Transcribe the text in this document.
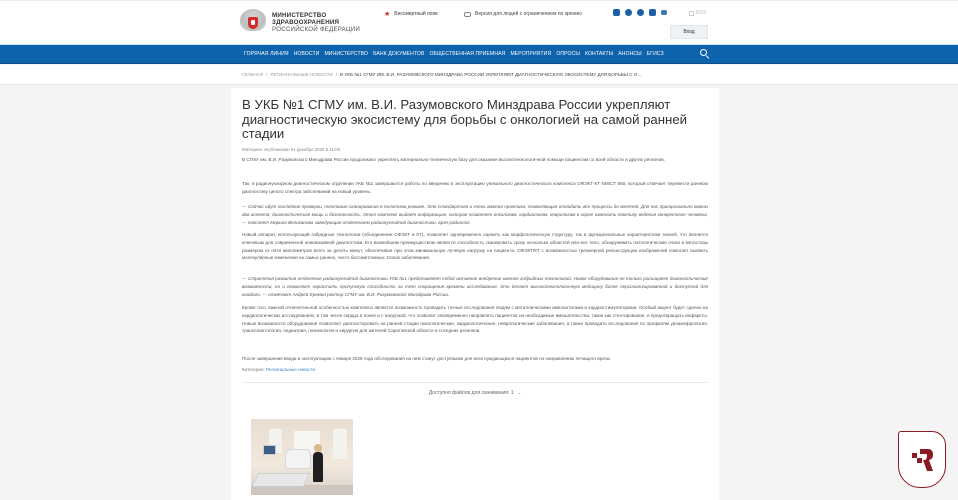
МИНИСТЕРСТВО
ЗДРАВООХРАНЕНИЯ
РОССИЙСКОЙ ФЕДЕРАЦИИ
★ Бессмертный полк	Версия для людей с ограничением по зрению	RSS
Вход
ГОРЯЧАЯ ЛИНИЯ НОВОСТИ МИНИСТЕРСТВО БАНК ДОКУМЕНТОВ ОБЩЕСТВЕННАЯ ПРИЕМНАЯ МЕРОПРИЯТИЯ ОПРОСЫ КОНТАКТЫ АНОНСЫ ЕГИСЗ
ГЛАВНАЯ / РЕГИОНАЛЬНЫЕ НОВОСТИ / В УКБ №1 СГМУ ИМ. В.И. РАЗУМОВСКОГО МИНЗДРАВА РОССИИ УКРЕПЛЯЮТ ДИАГНОСТИЧЕСКУЮ ЭКОСИСТЕМУ ДЛЯ БОРЬБЫ С О...
В УКБ №1 СГМУ им. В.И. Разумовского Минздрава России укрепляют диагностическую экосистему для борьбы с онкологией на самой ранней стадии
Материал опубликован 01 декабря 2025 в 11:00.

В СГМУ им. В.И. Разумовского Минздрава России продолжают укреплять материально-техническую базу для оказания высокотехнологичной помощи пациентам со всей области и других регионов.

Так, в радионуклидном диагностическом отделении УКБ №1 завершаются работы по введению в эксплуатацию уникального диагностического комплекса ОФЭКТ-КТ NM/CT 860, который отвечает перевести раннюю диагностику целого спектра заболеваний на новый уровень.

— Сейчас идут последние проверки, тестовые сканирования в пилотном режиме. Это стандартная и очень важная практика, позволяющая отладить все процессы до мелочей. Для нас принципиально важны два аспекта: диагностическая мощь и безопасность. Этот комплекс выдает информацию, которая позволяет онкологам, кардиологам, неврологам в корне изменить тактику ведения конкретного человека, — поясняет Марина Великанова заведующая отделением радионуклидной диагностики, врач-радиолог.

Новый аппарат, использующий гибридные технологии (объединение ОФЭКТ и КТ), позволяет одновременно оценить как морфологическую структуру, так и функциональные характеристики тканей, что является ключевым для современной неинвазивной диагностики. Его важнейшим преимуществом является способность сканировать сразу несколько областей или все тело, обнаруживать патологические очаги и метастазы размером от пяти миллиметров всего за десять минут, обеспечивая при этом минимальную лучевую нагрузку на пациента. ОФЭКТ/КТ с возможностью трехмерной реконструкции изображений помогает выявить молекулярные изменения на самых ранних, часто бессимптомных этапах заболевания.

— Стратегия развития отделения радионуклидной диагностики УКБ №1 представляет собой активное внедрение именно гибридных технологий. Новое оборудование не только расширяет диагностические возможности, но и позволяет нарастить пропускную способность за счет сокращения времени исследования. Это делает высокотехнологичную медицину более персонализированной и доступной для каждого, — отмечает Андрей Еремин ректор СГМУ им. В.И. Разумовского Минздрава России.

Кроме того, важной отличительной особенностью комплекса является возможность проводить точные исследования людям с металлическими имплантатами и кардиостимуляторами. Особый акцент будет сделан на кардиологических исследованиях, в том числе сердца в покое и с нагрузкой, что позволит своевременно направлять пациентов на необходимые вмешательства, такие как стентирование, и предотвращать инфаркты. Новые возможности оборудования позволяют диагностировать на ранней стадии онкологические, кардиологические, неврологические заболевания, а также проводить исследования по профилям урожнефрология, трансплантология, педиатрия, гинекология и хирургия для жителей Саратовской области и соседних регионов.

После завершения ввода в эксплуатацию с января 2026 года обследования на нем станут доступными для всех нуждающихся пациентов по направлению лечащего врача.

Категория: Региональные новости
Доступно файлов для скачивания: 1 ⌄
